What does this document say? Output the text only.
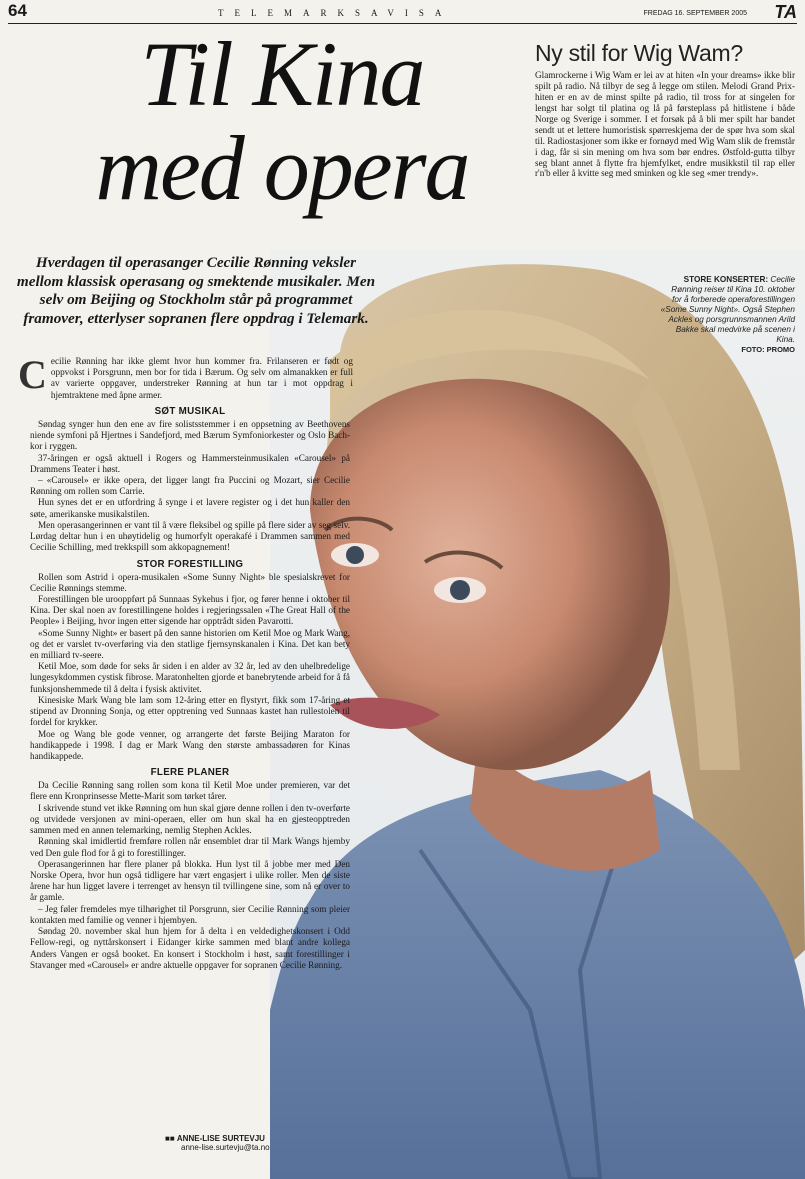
64	TELEMARKSAVISA	FREDAG 16. SEPTEMBER 2005 TA
Til Kina
med opera
Ny stil for Wig Wam?

Glamrockerne i Wig Wam er lei av at hiten «In your dreams» ikke blir spilt på radio. Nå tilbyr de seg å legge om stilen. Melodi Grand Prix-hiten er en av de minst spilte på radio, til tross for at singelen for lengst har solgt til platina og lå på førsteplass på hitlistene i både Norge og Sverige i sommer. I et forsøk på å bli mer spilt har bandet sendt ut et lettere humoristisk spørreskjema der de spør hva som skal til. Radiostasjoner som ikke er fornøyd med Wig Wam slik de fremstår i dag, får si sin mening om hva som bør endres. Østfold-gutta tilbyr seg blant annet å flytte fra hjemfylket, endre musikkstil til rap eller r'n'b eller å kvitte seg med sminken og kle seg «mer trendy».

Hverdagen til operasanger Cecilie Rønning veksler mellom klassisk operasang og smektende musikaler. Men selv om Beijing og Stockholm står på programmet framover, etterlyser sopranen flere oppdrag i Telemark.
STORE KONSERTER: Cecilie Rønning reiser til Kina 10. oktober for å forberede operaforestillingen «Some Sunny Night». Også Stephen Ackles og porsgrunnsmannen Arild Bakke skal medvirke på scenen i Kina.
FOTO: PROMO

Cecilie Rønning har ikke glemt hvor hun kommer fra. Frilanseren er født og oppvokst i Porsgrunn, men bor for tida i Bærum. Og selv om almanakken er full av varierte oppgaver, understreker Rønning at hun tar i mot oppdrag i hjemtraktene med åpne armer.

SØT MUSIKAL

Søndag synger hun den ene av fire solistsstemmer i en oppsetning av Beethovens niende symfoni på Hjertnes i Sandefjord, med Bærum Symfoniorkester og Oslo Bach-kor i ryggen.

37-åringen er også aktuell i Rogers og Hammersteinmusikalen «Carousel» på Drammens Teater i høst.

– «Carousel» er ikke opera, det ligger langt fra Puccini og Mozart, sier Cecilie Rønning om rollen som Carrie.

Hun synes det er en utfordring å synge i et lavere register og i det hun kaller den søte, amerikanske musikalstilen.

Men operasangerinnen er vant til å være fleksibel og spille på flere sider av seg selv. Lørdag deltar hun i en uhøytidelig og humorfylt operakafé i Drammen sammen med Cecilie Schilling, med trekkspill som akkopagnement!

STOR FORESTILLING

Rollen som Astrid i opera-musikalen «Some Sunny Night» ble spesialskrevet for Cecilie Rønnings stemme.

Forestillingen ble urooppført på Sunnaas Sykehus i fjor, og fører henne i oktober til Kina. Der skal noen av forestillingene holdes i regjeringssalen «The Great Hall of the People» i Beijing, hvor ingen etter sigende har opptrådt siden Pavarotti.

«Some Sunny Night» er basert på den sanne historien om Ketil Moe og Mark Wang, og det er varslet tv-overføring via den statlige fjernsynskanalen i Kina. Det kan bety en milliard tv-seere.

Ketil Moe, som døde for seks år siden i en alder av 32 år, led av den uhelbredelige lungesykdommen cystisk fibrose. Maratonhelten gjorde et banebrytende arbeid for å få funksjonshemmede til å delta i fysisk aktivitet.

Kinesiske Mark Wang ble lam som 12-åring etter en flystyrt, fikk som 17-åring et stipend av Dronning Sonja, og etter opptrening ved Sunnaas kastet han rullestolen til fordel for krykker.

Moe og Wang ble gode venner, og arrangerte det første Beijing Maraton for handikappede i 1998. I dag er Mark Wang den største ambassadøren for Kinas handikappede.

FLERE PLANER

Da Cecilie Rønning sang rollen som kona til Ketil Moe under premieren, var det flere enn Kronprinsesse Mette-Marit som tørket tårer.

I skrivende stund vet ikke Rønning om hun skal gjøre denne rollen i den tv-overførte og utvidede versjonen av mini-operaen, eller om hun skal ha en gjesteopptreden sammen med en annen telemarking, nemlig Stephen Ackles.

Rønning skal imidlertid fremføre rollen når ensemblet drar til Mark Wangs hjemby ved Den gule flod for å gi to forestillinger.

Operasangerinnen har flere planer på blokka. Hun lyst til å jobbe mer med Den Norske Opera, hvor hun også tidligere har vært engasjert i ulike roller. Men de siste årene har hun ligget lavere i terrenget av hensyn til tvillingene sine, som nå er over to år gamle.

– Jeg føler fremdeles mye tilhørighet til Porsgrunn, sier Cecilie Rønning som pleier kontakten med familie og venner i hjembyen.

Søndag 20. november skal hun hjem for å delta i en veldedighetskonsert i Odd Fellow-regi, og nyttårskonsert i Eidanger kirke sammen med blant andre kollega Anders Vangen er også booket. En konsert i Stockholm i høst, samt forestillinger i Stavanger med «Carousel» er andre aktuelle oppgaver for sopranen Cecilie Rønning.

■■ ANNE-LISE SURTEVJU
anne-lise.surtevju@ta.no
